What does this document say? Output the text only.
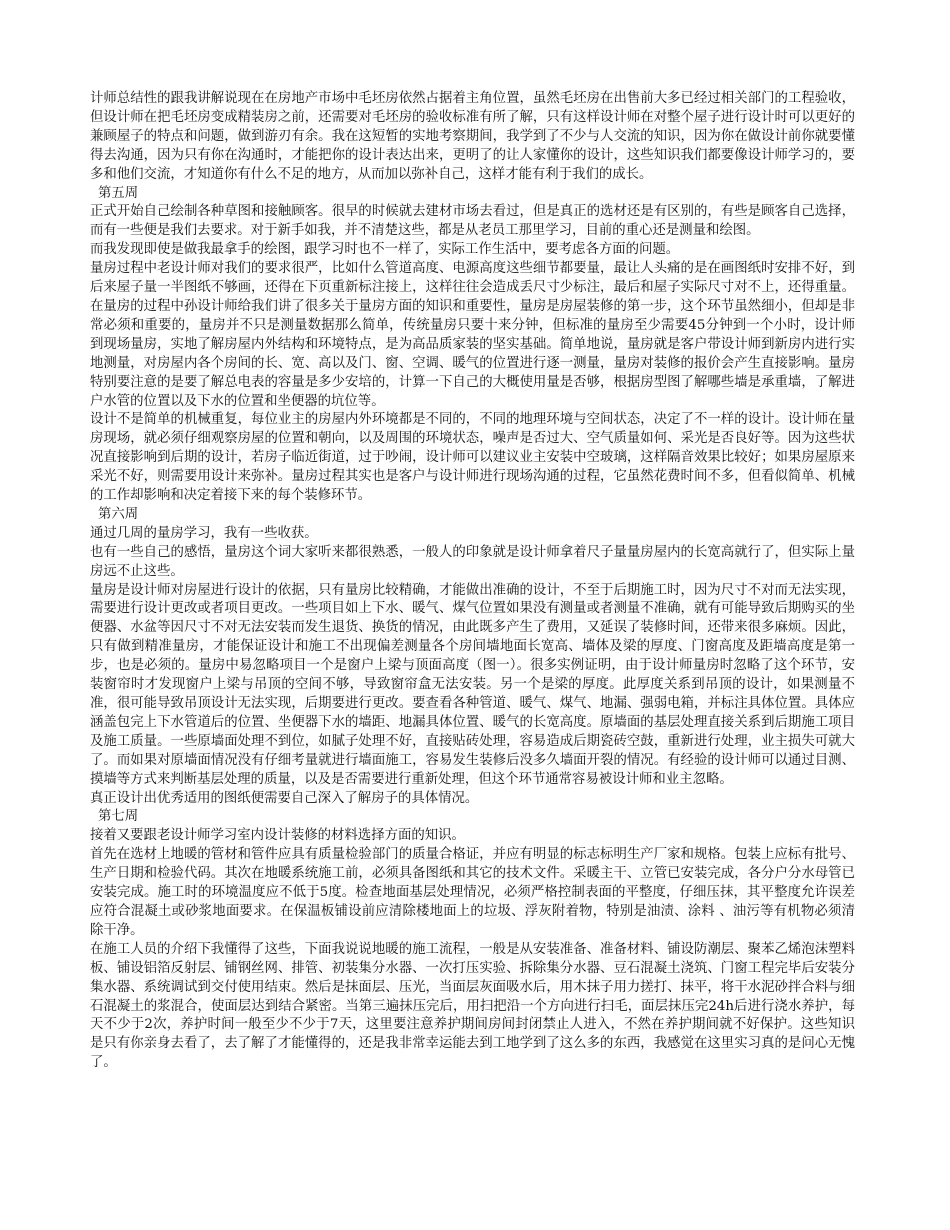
计师总结性的跟我讲解说现在在房地产市场中毛坯房依然占据着主角位置，虽然毛坯房在出售前大多已经过相关部门的工程验收，但设计师在把毛坯房变成精装房之前，还需要对毛坯房的验收标准有所了解，只有这样设计师在对整个屋子进行设计时可以更好的兼顾屋子的特点和问题，做到游刃有余。我在这短暂的实地考察期间，我学到了不少与人交流的知识，因为你在做设计前你就要懂得去沟通，因为只有你在沟通时，才能把你的设计表达出来，更明了的让人家懂你的设计，这些知识我们都要像设计师学习的，要多和他们交流，才知道你有什么不足的地方，从而加以弥补自己，这样才能有利于我们的成长。

第五周

正式开始自己绘制各种草图和接触顾客。很早的时候就去建材市场去看过，但是真正的选材还是有区别的，有些是顾客自己选择，而有一些便是我们去要求。对于新手如我，并不清楚这些，都是从老员工那里学习，目前的重心还是测量和绘图。

而我发现即使是做我最拿手的绘图，跟学习时也不一样了，实际工作生活中，要考虑各方面的问题。

量房过程中老设计师对我们的要求很严，比如什么管道高度、电源高度这些细节都要量，最让人头痛的是在画图纸时安排不好，到后来屋子量一半图纸不够画，还得在下页重新标注接上，这样往往会造成丢尺寸少标注，最后和屋子实际尺寸对不上，还得重量。在量房的过程中孙设计师给我们讲了很多关于量房方面的知识和重要性，量房是房屋装修的第一步，这个环节虽然细小，但却是非常必须和重要的，量房并不只是测量数据那么简单，传统量房只要十来分钟，但标准的量房至少需要45分钟到一个小时，设计师到现场量房，实地了解房屋内外结构和环境特点，是为高品质家装的坚实基础。简单地说，量房就是客户带设计师到新房内进行实地测量，对房屋内各个房间的长、宽、高以及门、窗、空调、暖气的位置进行逐一测量，量房对装修的报价会产生直接影响。量房特别要注意的是要了解总电表的容量是多少安培的，计算一下自己的大概使用量是否够，根据房型图了解哪些墙是承重墙，了解进户水管的位置以及下水的位置和坐便器的坑位等。

设计不是简单的机械重复，每位业主的房屋内外环境都是不同的，不同的地理环境与空间状态，决定了不一样的设计。设计师在量房现场，就必须仔细观察房屋的位置和朝向，以及周围的环境状态，噪声是否过大、空气质量如何、采光是否良好等。因为这些状况直接影响到后期的设计，若房子临近街道，过于吵闹，设计师可以建议业主安装中空玻璃，这样隔音效果比较好；如果房屋原来采光不好，则需要用设计来弥补。量房过程其实也是客户与设计师进行现场沟通的过程，它虽然花费时间不多，但看似简单、机械的工作却影响和决定着接下来的每个装修环节。

第六周

通过几周的量房学习，我有一些收获。

也有一些自己的感悟，量房这个词大家听来都很熟悉，一般人的印象就是设计师拿着尺子量量房屋内的长宽高就行了，但实际上量房远不止这些。

量房是设计师对房屋进行设计的依据，只有量房比较精确，才能做出准确的设计，不至于后期施工时，因为尺寸不对而无法实现，需要进行设计更改或者项目更改。一些项目如上下水、暖气、煤气位置如果没有测量或者测量不准确，就有可能导致后期购买的坐便器、水盆等因尺寸不对无法安装而发生退货、换货的情况，由此既多产生了费用，又延误了装修时间，还带来很多麻烦。因此，只有做到精准量房，才能保证设计和施工不出现偏差测量各个房间墙地面长宽高、墙体及梁的厚度、门窗高度及距墙高度是第一步，也是必须的。量房中易忽略项目一个是窗户上梁与顶面高度（图一）。很多实例证明，由于设计师量房时忽略了这个环节，安装窗帘时才发现窗户上梁与吊顶的空间不够，导致窗帘盒无法安装。另一个是梁的厚度。此厚度关系到吊顶的设计，如果测量不准，很可能导致吊顶设计无法实现，后期要进行更改。要查看各种管道、暖气、煤气、地漏、强弱电箱，并标注具体位置。具体应涵盖包完上下水管道后的位置、坐便器下水的墙距、地漏具体位置、暖气的长宽高度。原墙面的基层处理直接关系到后期施工项目及施工质量。一些原墙面处理不到位，如腻子处理不好，直接贴砖处理，容易造成后期瓷砖空鼓，重新进行处理，业主损失可就大了。而如果对原墙面情况没有仔细考量就进行墙面施工，容易发生装修后没多久墙面开裂的情况。有经验的设计师可以通过目测、摸墙等方式来判断基层处理的质量，以及是否需要进行重新处理，但这个环节通常容易被设计师和业主忽略。

真正设计出优秀适用的图纸便需要自己深入了解房子的具体情况。

第七周

接着又要跟老设计师学习室内设计装修的材料选择方面的知识。

首先在选材上地暖的管材和管件应具有质量检验部门的质量合格证，并应有明显的标志标明生产厂家和规格。包装上应标有批号、生产日期和检验代码。其次在地暖系统施工前，必须具备图纸和其它的技术文件。采暖主干、立管已安装完成，各分户分水母管已安装完成。施工时的环境温度应不低于5度。检查地面基层处理情况，必须严格控制表面的平整度，仔细压抹，其平整度允许误差应符合混凝土或砂浆地面要求。在保温板铺设前应清除楼地面上的垃圾、浮灰附着物，特别是油渍、涂料 、油污等有机物必须清除干净。

在施工人员的介绍下我懂得了这些，下面我说说地暖的施工流程，一般是从安装准备、准备材料、铺设防潮层、聚苯乙烯泡沫塑料板、铺设铝箔反射层、铺钢丝网、排管、初装集分水器、一次打压实验、拆除集分水器、豆石混凝土浇筑、门窗工程完毕后安装分集水器、系统调试到交付使用结束。然后是抹面层、压光，当面层灰面吸水后，用木抹子用力搓打、抹平，将干水泥砂拌合料与细石混凝土的浆混合，使面层达到结合紧密。当第三遍抹压完后，用扫把沿一个方向进行扫毛，面层抹压完24h后进行浇水养护，每天不少于2次，养护时间一般至少不少于7天，这里要注意养护期间房间封闭禁止人进入，不然在养护期间就不好保护。这些知识是只有你亲身去看了，去了解了才能懂得的，还是我非常幸运能去到工地学到了这么多的东西，我感觉在这里实习真的是问心无愧了。
